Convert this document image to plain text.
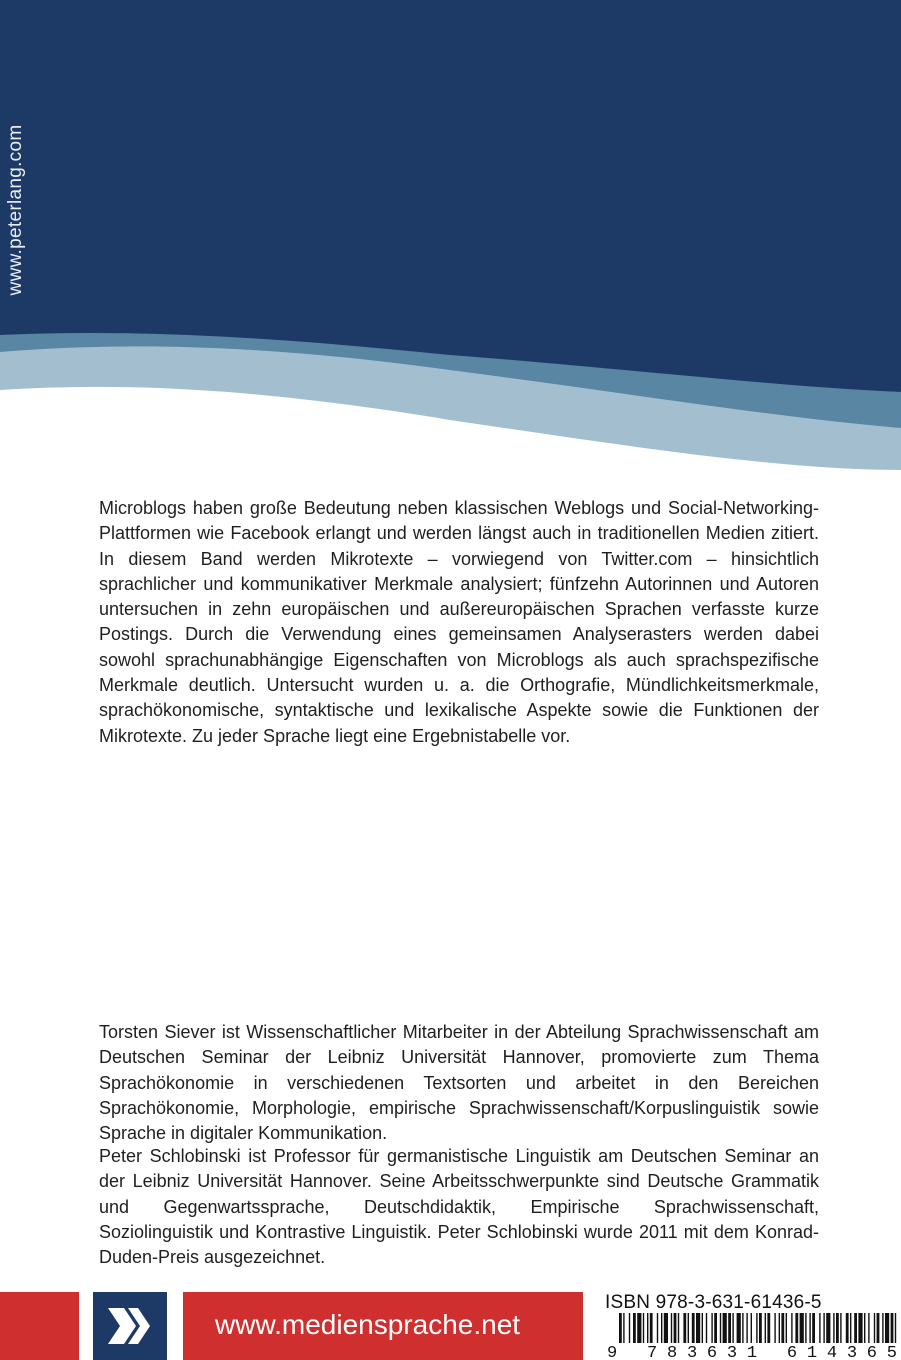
www.peterlang.com

Microblogs haben große Bedeutung neben klassischen Weblogs und Social-Networking-Plattformen wie Facebook erlangt und werden längst auch in traditionellen Medien zitiert. In diesem Band werden Mikrotexte – vorwiegend von Twitter.com – hinsichtlich sprachlicher und kommunikativer Merkmale analysiert; fünfzehn Autorinnen und Autoren untersuchen in zehn europäischen und außereuropäischen Sprachen verfasste kurze Postings. Durch die Verwendung eines gemeinsamen Analyserasters werden dabei sowohl sprachunabhängige Eigenschaften von Microblogs als auch sprachspezifische Merkmale deutlich. Untersucht wurden u. a. die Orthografie, Mündlichkeitsmerkmale, sprachökonomische, syntaktische und lexikalische Aspekte sowie die Funktionen der Mikrotexte. Zu jeder Sprache liegt eine Ergebnistabelle vor.

Torsten Siever ist Wissenschaftlicher Mitarbeiter in der Abteilung Sprachwissenschaft am Deutschen Seminar der Leibniz Universität Hannover, promovierte zum Thema Sprachökonomie in verschiedenen Textsorten und arbeitet in den Bereichen Sprachökonomie, Morphologie, empirische Sprachwissenschaft/Korpuslinguistik sowie Sprache in digitaler Kommunikation.

Peter Schlobinski ist Professor für germanistische Linguistik am Deutschen Seminar an der Leibniz Universität Hannover. Seine Arbeitsschwerpunkte sind Deutsche Grammatik und Gegenwartssprache, Deutschdidaktik, Empirische Sprachwissenschaft, Soziolinguistik und Kontrastive Linguistik. Peter Schlobinski wurde 2011 mit dem Konrad-Duden-Preis ausgezeichnet.

www.mediensprache.net
ISBN 978-3-631-61436-5
9 783631 614365
